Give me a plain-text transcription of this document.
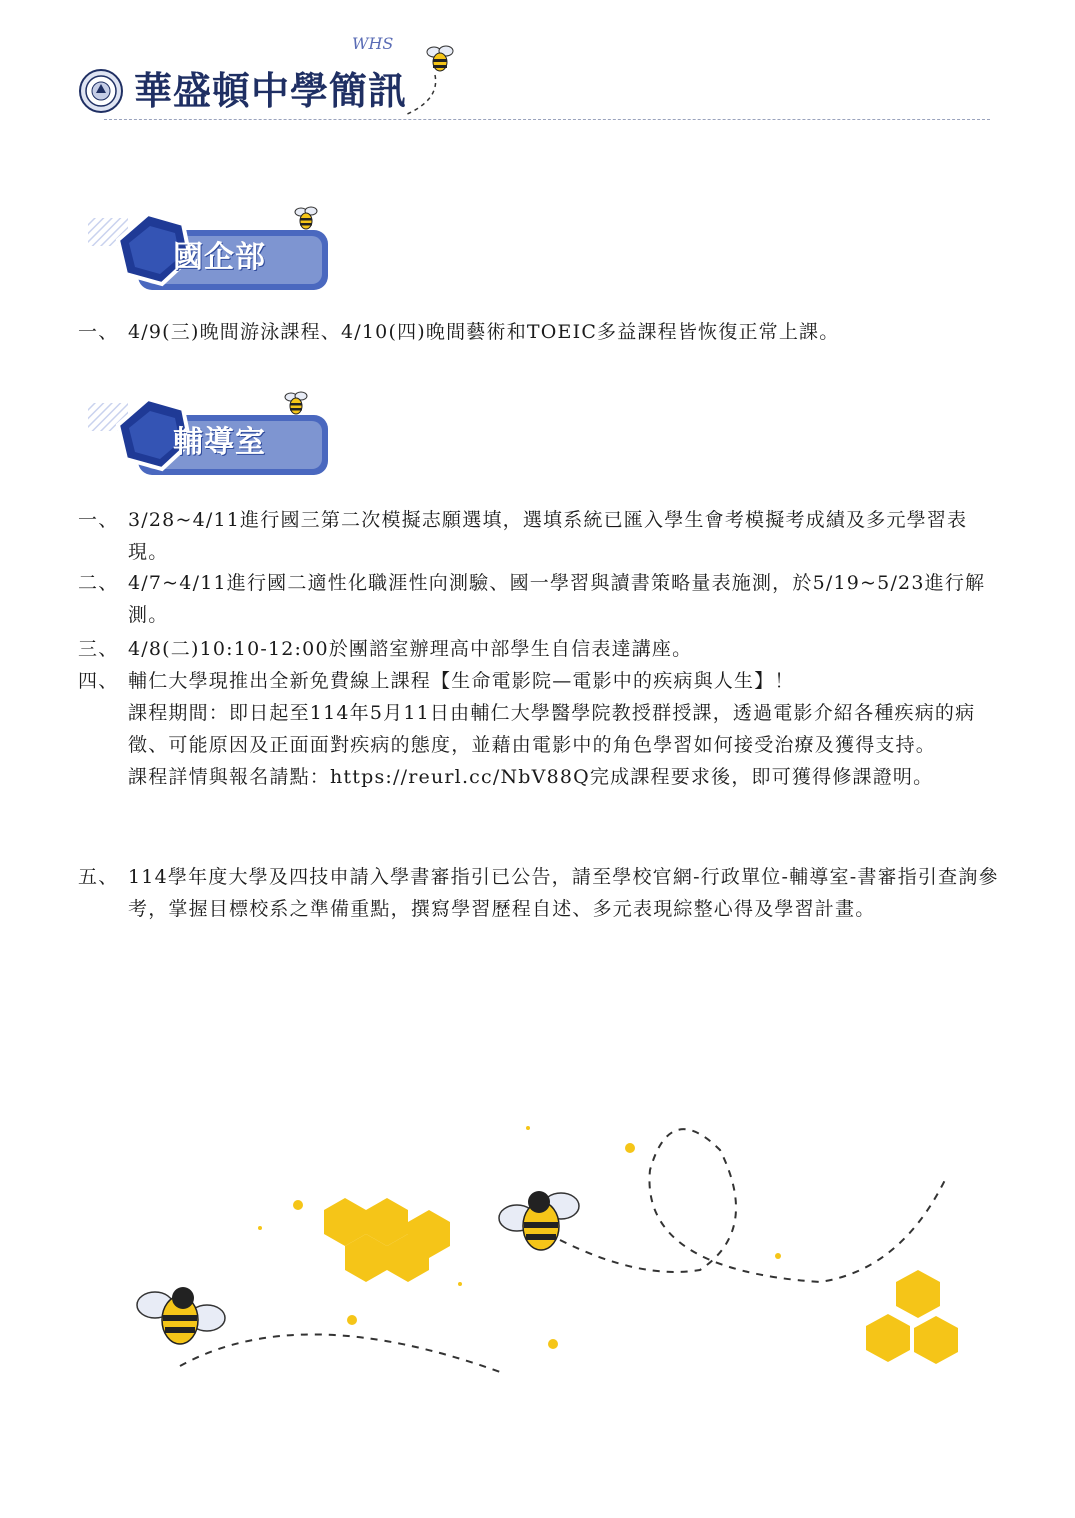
華盛頓中學簡訊
WHS
國企部
一、 4/9(三)晚間游泳課程、4/10(四)晚間藝術和TOEIC多益課程皆恢復正常上課。
輔導室
一、 3/28~4/11進行國三第二次模擬志願選填，選填系統已匯入學生會考模擬考成績及多元學習表現。
二、 4/7~4/11進行國二適性化職涯性向測驗、國一學習與讀書策略量表施測，於5/19~5/23進行解測。
三、 4/8(二)10:10-12:00於團諮室辦理高中部學生自信表達講座。
四、 輔仁大學現推出全新免費線上課程【生命電影院—電影中的疾病與人生】！
課程期間：即日起至114年5月11日由輔仁大學醫學院教授群授課，透過電影介紹各種疾病的病徵、可能原因及正面面對疾病的態度，並藉由電影中的角色學習如何接受治療及獲得支持。
課程詳情與報名請點：https://reurl.cc/NbV88Q完成課程要求後，即可獲得修課證明。
五、 114學年度大學及四技申請入學書審指引已公告，請至學校官網-行政單位-輔導室-書審指引查詢參考，掌握目標校系之準備重點，撰寫學習歷程自述、多元表現綜整心得及學習計畫。
